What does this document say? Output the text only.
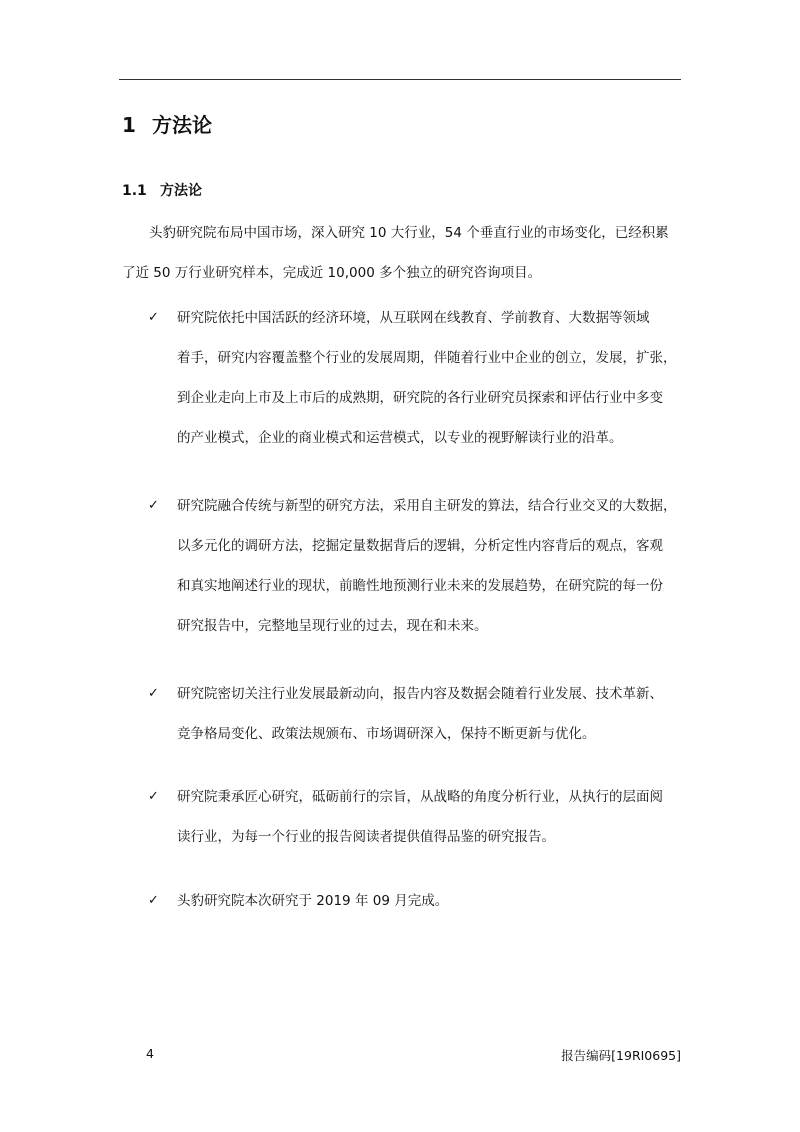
1 方法论
1.1 方法论
头豹研究院布局中国市场，深入研究 10 大行业，54 个垂直行业的市场变化，已经积累
了近 50 万行业研究样本，完成近 10,000 多个独立的研究咨询项目。
✓	研究院依托中国活跃的经济环境，从互联网在线教育、学前教育、大数据等领域
着手，研究内容覆盖整个行业的发展周期，伴随着行业中企业的创立，发展，扩张，
到企业走向上市及上市后的成熟期，研究院的各行业研究员探索和评估行业中多变
的产业模式，企业的商业模式和运营模式，以专业的视野解读行业的沿革。
✓	研究院融合传统与新型的研究方法，采用自主研发的算法，结合行业交叉的大数据，
以多元化的调研方法，挖掘定量数据背后的逻辑，分析定性内容背后的观点，客观
和真实地阐述行业的现状，前瞻性地预测行业未来的发展趋势，在研究院的每一份
研究报告中，完整地呈现行业的过去，现在和未来。
✓	研究院密切关注行业发展最新动向，报告内容及数据会随着行业发展、技术革新、
竞争格局变化、政策法规颁布、市场调研深入，保持不断更新与优化。
✓	研究院秉承匠心研究，砥砺前行的宗旨，从战略的角度分析行业，从执行的层面阅
读行业，为每一个行业的报告阅读者提供值得品鉴的研究报告。
✓	头豹研究院本次研究于 2019 年 09 月完成。
4	报告编码[19RI0695]
